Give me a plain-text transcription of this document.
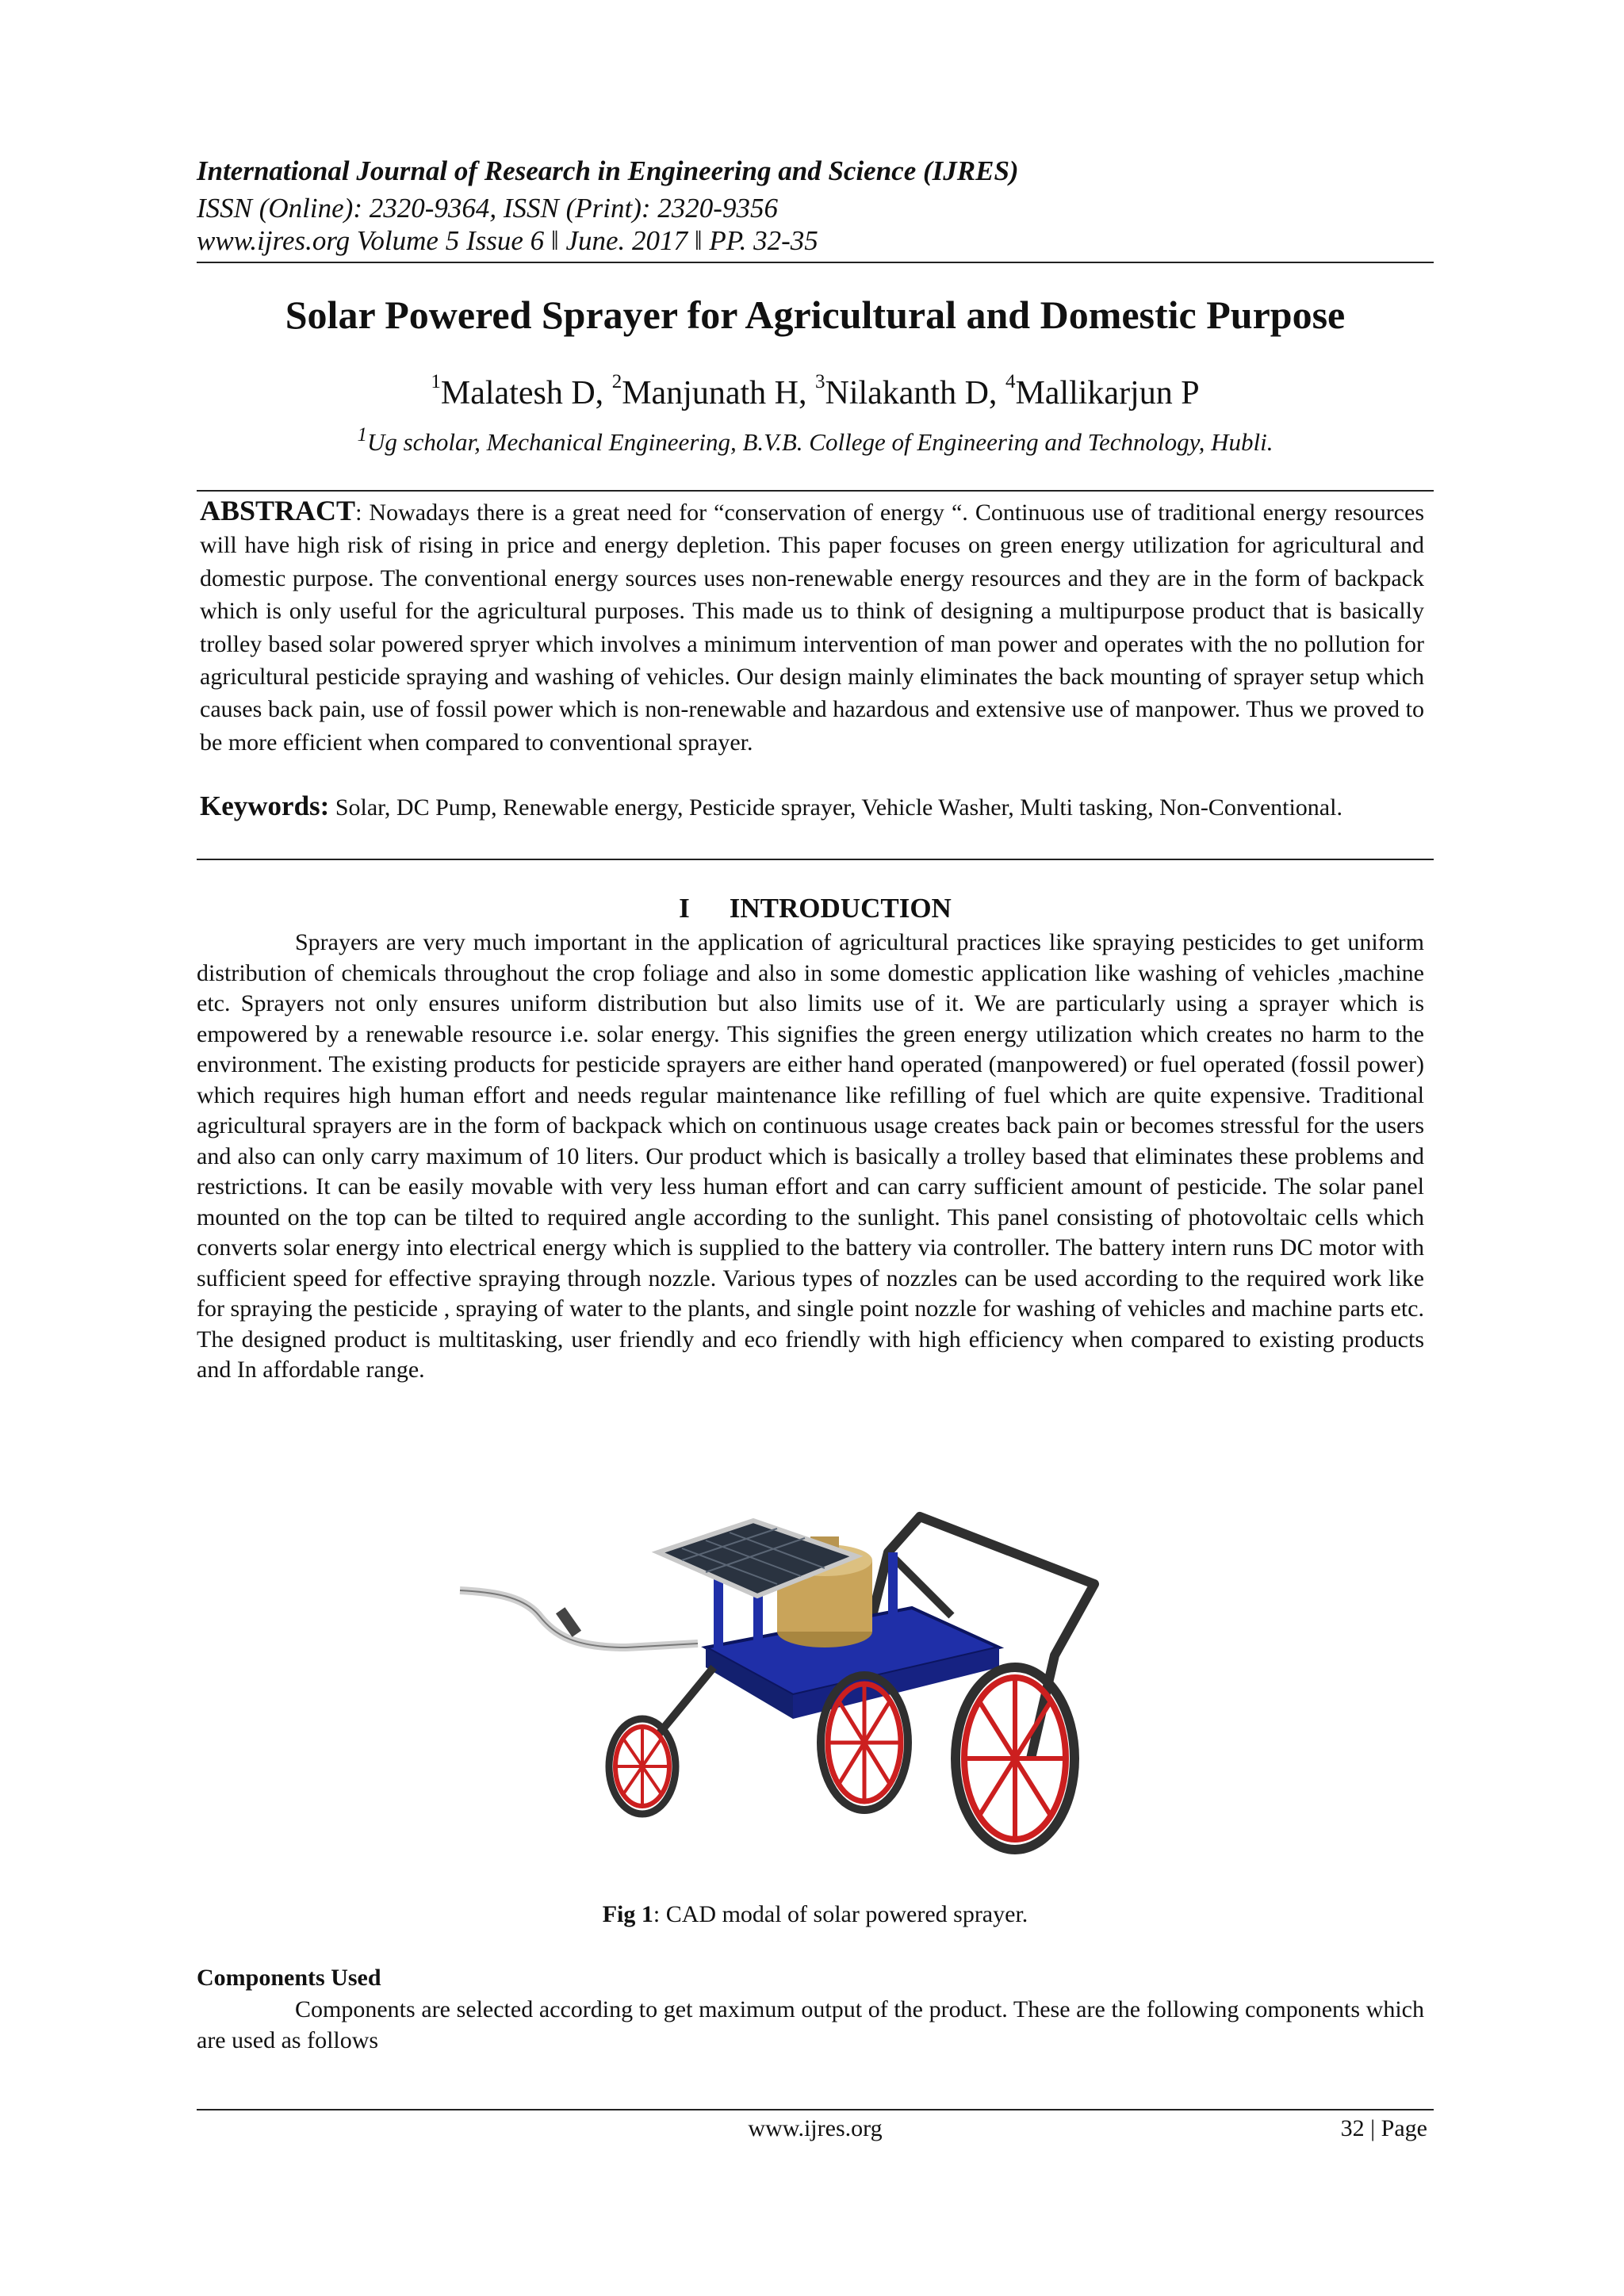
International Journal of Research in Engineering and Science (IJRES)
ISSN (Online): 2320-9364, ISSN (Print): 2320-9356
www.ijres.org Volume 5 Issue 6 ǁ June. 2017 ǁ PP. 32-35
Solar Powered Sprayer for Agricultural and Domestic Purpose
$^1$Malatesh D, $^2$Manjunath H, $^3$Nilakanth D, $^4$Mallikarjun P
$^1$Ug scholar, Mechanical Engineering, B.V.B. College of Engineering and Technology, Hubli.
ABSTRACT: Nowadays there is a great need for “conservation of energy “. Continuous use of traditional energy resources will have high risk of rising in price and energy depletion. This paper focuses on green energy utilization for agricultural and domestic purpose. The conventional energy sources uses non-renewable energy resources and they are in the form of backpack which is only useful for the agricultural purposes. This made us to think of designing a multipurpose product that is basically trolley based solar powered spryer which involves a minimum intervention of man power and operates with the no pollution for agricultural pesticide spraying and washing of vehicles. Our design mainly eliminates the back mounting of sprayer setup which causes back pain, use of fossil power which is non-renewable and hazardous and extensive use of manpower. Thus we proved to be more efficient when compared to conventional sprayer.
Keywords: Solar, DC Pump, Renewable energy, Pesticide sprayer, Vehicle Washer, Multi tasking, Non-Conventional.
I INTRODUCTION
Sprayers are very much important in the application of agricultural practices like spraying pesticides to get uniform distribution of chemicals throughout the crop foliage and also in some domestic application like washing of vehicles ,machine etc. Sprayers not only ensures uniform distribution but also limits use of it. We are particularly using a sprayer which is empowered by a renewable resource i.e. solar energy. This signifies the green energy utilization which creates no harm to the environment. The existing products for pesticide sprayers are either hand operated (manpowered) or fuel operated (fossil power) which requires high human effort and needs regular maintenance like refilling of fuel which are quite expensive. Traditional agricultural sprayers are in the form of backpack which on continuous usage creates back pain or becomes stressful for the users and also can only carry maximum of 10 liters. Our product which is basically a trolley based that eliminates these problems and restrictions. It can be easily movable with very less human effort and can carry sufficient amount of pesticide. The solar panel mounted on the top can be tilted to required angle according to the sunlight. This panel consisting of photovoltaic cells which converts solar energy into electrical energy which is supplied to the battery via controller. The battery intern runs DC motor with sufficient speed for effective spraying through nozzle. Various types of nozzles can be used according to the required work like for spraying the pesticide , spraying of water to the plants, and single point nozzle for washing of vehicles and machine parts etc. The designed product is multitasking, user friendly and eco friendly with high efficiency when compared to existing products and In affordable range.
Fig 1: CAD modal of solar powered sprayer.
Components Used
Components are selected according to get maximum output of the product. These are the following components which are used as follows
www.ijres.org	32 | Page
